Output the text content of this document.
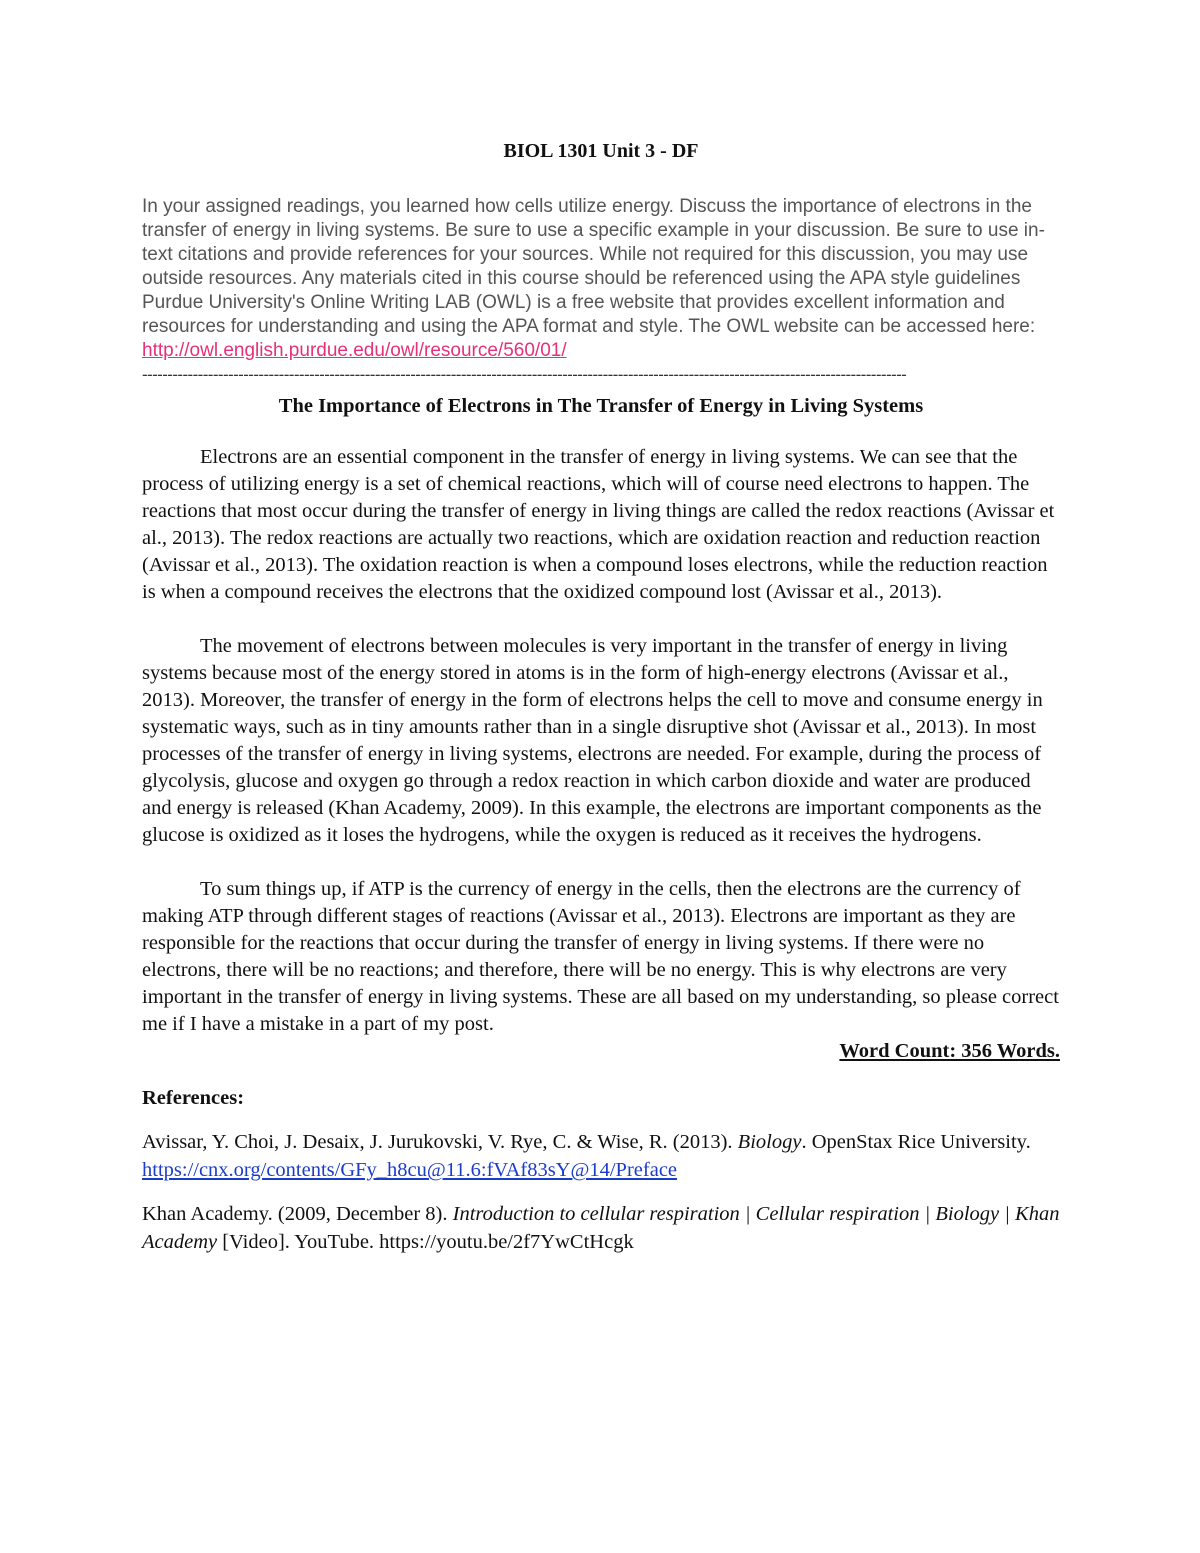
BIOL 1301 Unit 3 - DF

In your assigned readings, you learned how cells utilize energy. Discuss the importance of electrons in the transfer of energy in living systems. Be sure to use a specific example in your discussion. Be sure to use in-text citations and provide references for your sources. While not required for this discussion, you may use outside resources. Any materials cited in this course should be referenced using the APA style guidelines Purdue University's Online Writing LAB (OWL) is a free website that provides excellent information and resources for understanding and using the APA format and style. The OWL website can be accessed here: http://owl.english.purdue.edu/owl/resource/560/01/

-------------------------------------------------------------------------------------------------------------------------------------------------------
The Importance of Electrons in The Transfer of Energy in Living Systems

Electrons are an essential component in the transfer of energy in living systems. We can see that the process of utilizing energy is a set of chemical reactions, which will of course need electrons to happen. The reactions that most occur during the transfer of energy in living things are called the redox reactions (Avissar et al., 2013). The redox reactions are actually two reactions, which are oxidation reaction and reduction reaction (Avissar et al., 2013). The oxidation reaction is when a compound loses electrons, while the reduction reaction is when a compound receives the electrons that the oxidized compound lost (Avissar et al., 2013).

The movement of electrons between molecules is very important in the transfer of energy in living systems because most of the energy stored in atoms is in the form of high-energy electrons (Avissar et al., 2013). Moreover, the transfer of energy in the form of electrons helps the cell to move and consume energy in systematic ways, such as in tiny amounts rather than in a single disruptive shot (Avissar et al., 2013). In most processes of the transfer of energy in living systems, electrons are needed. For example, during the process of glycolysis, glucose and oxygen go through a redox reaction in which carbon dioxide and water are produced and energy is released (Khan Academy, 2009). In this example, the electrons are important components as the glucose is oxidized as it loses the hydrogens, while the oxygen is reduced as it receives the hydrogens.

To sum things up, if ATP is the currency of energy in the cells, then the electrons are the currency of making ATP through different stages of reactions (Avissar et al., 2013). Electrons are important as they are responsible for the reactions that occur during the transfer of energy in living systems. If there were no electrons, there will be no reactions; and therefore, there will be no energy. This is why electrons are very important in the transfer of energy in living systems. These are all based on my understanding, so please correct me if I have a mistake in a part of my post.

Word Count: 356 Words.

References:

Avissar, Y. Choi, J. Desaix, J. Jurukovski, V. Rye, C. & Wise, R. (2013). Biology. OpenStax Rice University. https://cnx.org/contents/GFy_h8cu@11.6:fVAf83sY@14/Preface

Khan Academy. (2009, December 8). Introduction to cellular respiration | Cellular respiration | Biology | Khan Academy [Video]. YouTube. https://youtu.be/2f7YwCtHcgk
